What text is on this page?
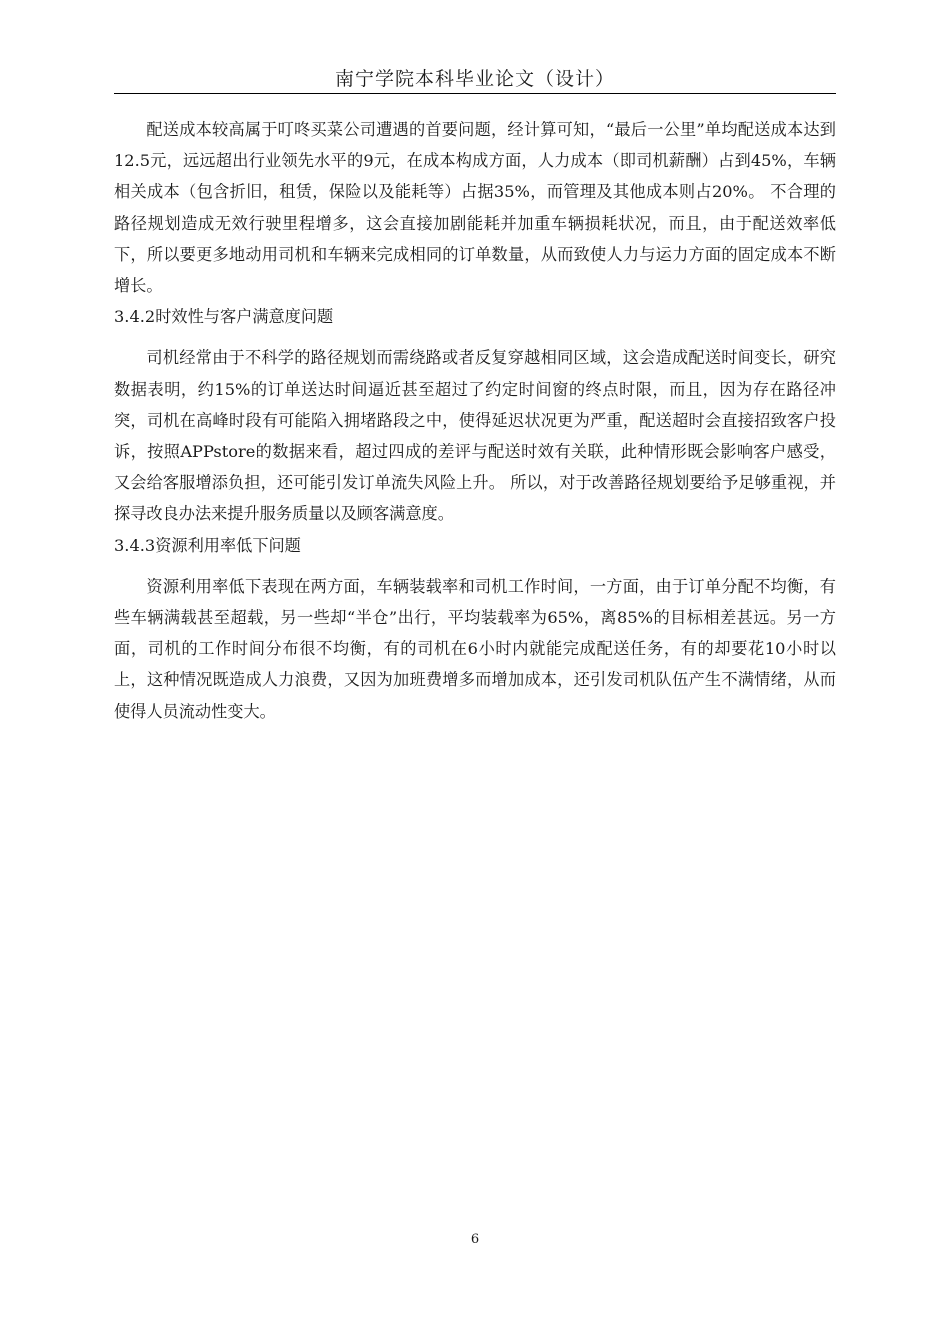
南宁学院本科毕业论文（设计）

配送成本较高属于叮咚买菜公司遭遇的首要问题，经计算可知，“最后一公里”单均配送成本达到12.5元，远远超出行业领先水平的9元，在成本构成方面，人力成本（即司机薪酬）占到45%，车辆相关成本（包含折旧，租赁，保险以及能耗等）占据35%，而管理及其他成本则占20%。 不合理的路径规划造成无效行驶里程增多，这会直接加剧能耗并加重车辆损耗状况，而且，由于配送效率低下，所以要更多地动用司机和车辆来完成相同的订单数量，从而致使人力与运力方面的固定成本不断增长。

3.4.2时效性与客户满意度问题

司机经常由于不科学的路径规划而需绕路或者反复穿越相同区域，这会造成配送时间变长，研究数据表明，约15%的订单送达时间逼近甚至超过了约定时间窗的终点时限，而且，因为存在路径冲突，司机在高峰时段有可能陷入拥堵路段之中，使得延迟状况更为严重，配送超时会直接招致客户投诉，按照APPstore的数据来看，超过四成的差评与配送时效有关联，此种情形既会影响客户感受，又会给客服增添负担，还可能引发订单流失风险上升。 所以，对于改善路径规划要给予足够重视，并探寻改良办法来提升服务质量以及顾客满意度。

3.4.3资源利用率低下问题

资源利用率低下表现在两方面，车辆装载率和司机工作时间，一方面，由于订单分配不均衡，有些车辆满载甚至超载，另一些却“半仓”出行，平均装载率为65%，离85%的目标相差甚远。另一方面，司机的工作时间分布很不均衡，有的司机在6小时内就能完成配送任务，有的却要花10小时以上，这种情况既造成人力浪费，又因为加班费增多而增加成本，还引发司机队伍产生不满情绪，从而使得人员流动性变大。

6
